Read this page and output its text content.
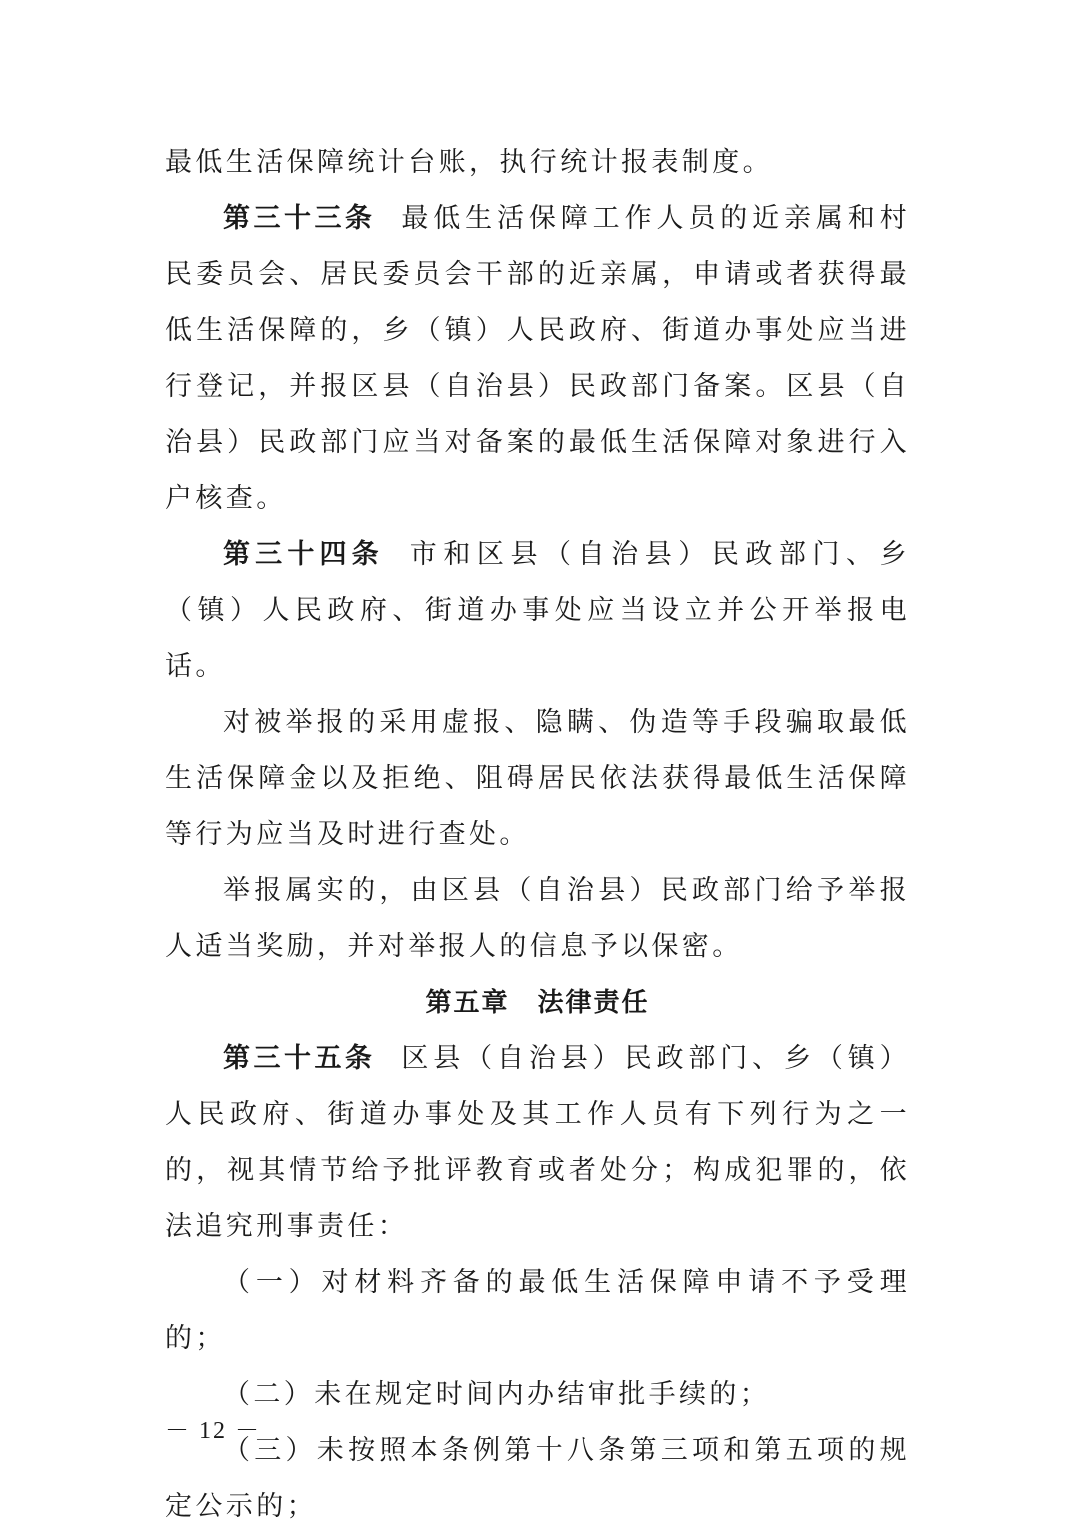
最低生活保障统计台账，执行统计报表制度。

第三十三条 最低生活保障工作人员的近亲属和村民委员会、居民委员会干部的近亲属，申请或者获得最低生活保障的，乡（镇）人民政府、街道办事处应当进行登记，并报区县（自治县）民政部门备案。区县（自治县）民政部门应当对备案的最低生活保障对象进行入户核查。

第三十四条 市和区县（自治县）民政部门、乡（镇）人民政府、街道办事处应当设立并公开举报电话。

对被举报的采用虚报、隐瞒、伪造等手段骗取最低生活保障金以及拒绝、阻碍居民依法获得最低生活保障等行为应当及时进行查处。

举报属实的，由区县（自治县）民政部门给予举报人适当奖励，并对举报人的信息予以保密。

第五章 法律责任

第三十五条 区县（自治县）民政部门、乡（镇）人民政府、街道办事处及其工作人员有下列行为之一的，视其情节给予批评教育或者处分；构成犯罪的，依法追究刑事责任：

（一）对材料齐备的最低生活保障申请不予受理的；

（二）未在规定时间内办结审批手续的；

（三）未按照本条例第十八条第三项和第五项的规定公示的；

－ 12 －
